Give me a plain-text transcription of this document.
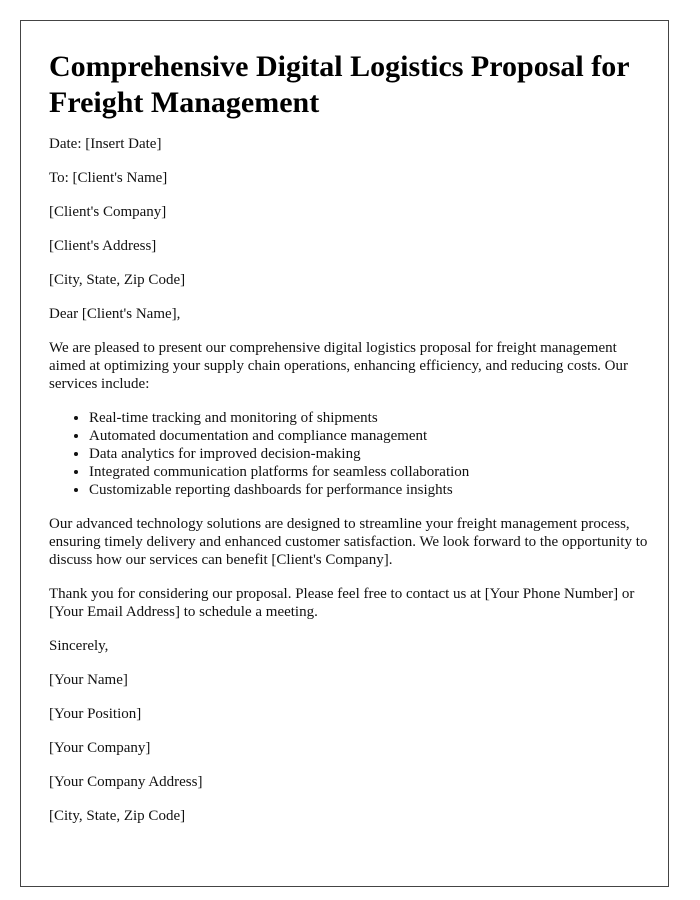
Comprehensive Digital Logistics Proposal for Freight Management

Date: [Insert Date]

To: [Client's Name]

[Client's Company]

[Client's Address]

[City, State, Zip Code]

Dear [Client's Name],

We are pleased to present our comprehensive digital logistics proposal for freight management aimed at optimizing your supply chain operations, enhancing efficiency, and reducing costs. Our services include:

• Real-time tracking and monitoring of shipments
• Automated documentation and compliance management
• Data analytics for improved decision-making
• Integrated communication platforms for seamless collaboration
• Customizable reporting dashboards for performance insights

Our advanced technology solutions are designed to streamline your freight management process, ensuring timely delivery and enhanced customer satisfaction. We look forward to the opportunity to discuss how our services can benefit [Client's Company].

Thank you for considering our proposal. Please feel free to contact us at [Your Phone Number] or [Your Email Address] to schedule a meeting.

Sincerely,

[Your Name]

[Your Position]

[Your Company]

[Your Company Address]

[City, State, Zip Code]
